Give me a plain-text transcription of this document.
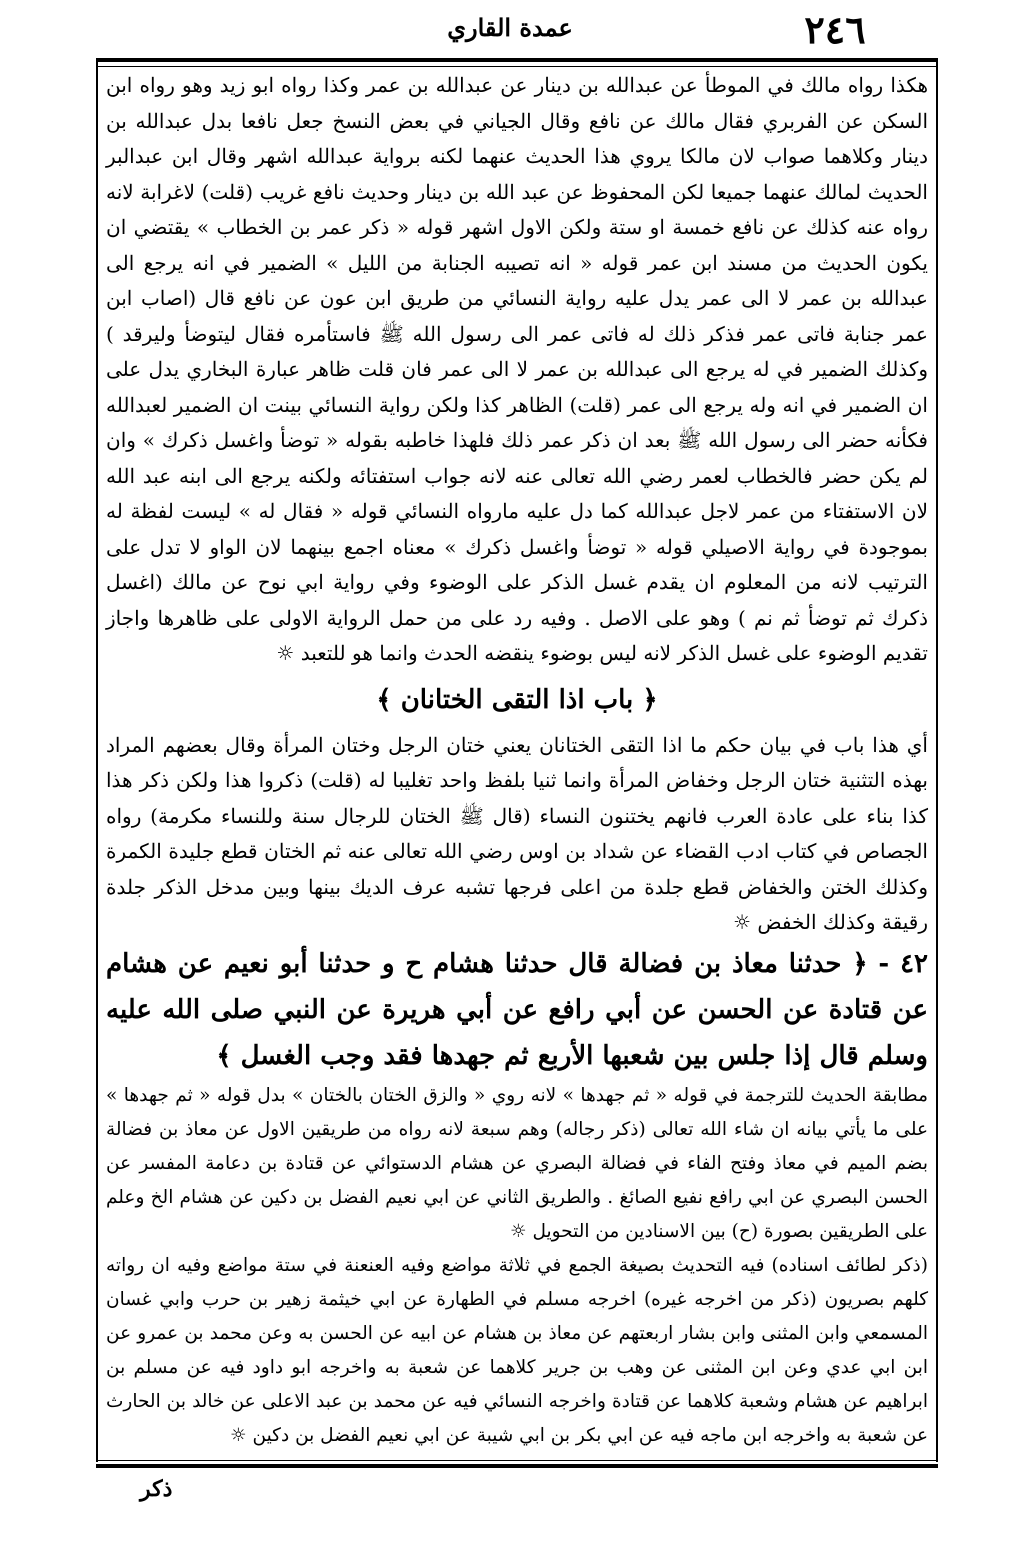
٢٤٦
عمدة القاري

هكذا رواه مالك في الموطأ عن عبدالله بن دينار عن عبدالله بن عمر وكذا رواه ابو زيد وهو رواه ابن السكن عن الفربري فقال مالك عن نافع وقال الجياني في بعض النسخ جعل نافعا بدل عبدالله بن دينار وكلاهما صواب لان مالكا يروي هذا الحديث عنهما لكنه برواية عبدالله اشهر وقال ابن عبدالبر الحديث لمالك عنهما جميعا لكن المحفوظ عن عبد الله بن دينار وحديث نافع غريب (قلت) لاغرابة لانه رواه عنه كذلك عن نافع خمسة او ستة ولكن الاول اشهر قوله « ذكر عمر بن الخطاب » يقتضي ان يكون الحديث من مسند ابن عمر قوله « انه تصيبه الجنابة من الليل » الضمير في انه يرجع الى عبدالله بن عمر لا الى عمر يدل عليه رواية النسائي من طريق ابن عون عن نافع قال (اصاب ابن عمر جنابة فاتى عمر فذكر ذلك له فاتى عمر الى رسول الله ﷺ فاستأمره فقال ليتوضأ وليرقد ) وكذلك الضمير في له يرجع الى عبدالله بن عمر لا الى عمر فان قلت ظاهر عبارة البخاري يدل على ان الضمير في انه وله يرجع الى عمر (قلت) الظاهر كذا ولكن رواية النسائي بينت ان الضمير لعبدالله فكأنه حضر الى رسول الله ﷺ بعد ان ذكر عمر ذلك فلهذا خاطبه بقوله « توضأ واغسل ذكرك » وان لم يكن حضر فالخطاب لعمر رضي الله تعالى عنه لانه جواب استفتائه ولكنه يرجع الى ابنه عبد الله لان الاستفتاء من عمر لاجل عبدالله كما دل عليه مارواه النسائي قوله « فقال له » ليست لفظة له بموجودة في رواية الاصيلي قوله « توضأ واغسل ذكرك » معناه اجمع بينهما لان الواو لا تدل على الترتيب لانه من المعلوم ان يقدم غسل الذكر على الوضوء وفي رواية ابي نوح عن مالك (اغسل ذكرك ثم توضأ ثم نم ) وهو على الاصل . وفيه رد على من حمل الرواية الاولى على ظاهرها واجاز تقديم الوضوء على غسل الذكر لانه ليس بوضوء ينقضه الحدث وانما هو للتعبد ☼

﴿ باب اذا التقى الختانان ﴾

أي هذا باب في بيان حكم ما اذا التقى الختانان يعني ختان الرجل وختان المرأة وقال بعضهم المراد بهذه التثنية ختان الرجل وخفاض المرأة وانما ثنيا بلفظ واحد تغليبا له (قلت) ذكروا هذا ولكن ذكر هذا كذا بناء على عادة العرب فانهم يختنون النساء (قال ﷺ الختان للرجال سنة وللنساء مكرمة) رواه الجصاص في كتاب ادب القضاء عن شداد بن اوس رضي الله تعالى عنه ثم الختان قطع جليدة الكمرة وكذلك الختن والخفاض قطع جلدة من اعلى فرجها تشبه عرف الديك بينها وبين مدخل الذكر جلدة رقيقة وكذلك الخفض ☼

٤٢ - ﴿ حدثنا معاذ بن فضالة قال حدثنا هشام ح و حدثنا أبو نعيم عن هشام عن قتادة عن الحسن عن أبي رافع عن أبي هريرة عن النبي صلى الله عليه وسلم قال إذا جلس بين شعبها الأربع ثم جهدها فقد وجب الغسل ﴾

مطابقة الحديث للترجمة في قوله « ثم جهدها » لانه روي « والزق الختان بالختان » بدل قوله « ثم جهدها » على ما يأتي بيانه ان شاء الله تعالى (ذكر رجاله) وهم سبعة لانه رواه من طريقين الاول عن معاذ بن فضالة بضم الميم في معاذ وفتح الفاء في فضالة البصري عن هشام الدستوائي عن قتادة بن دعامة المفسر عن الحسن البصري عن ابي رافع نفيع الصائغ . والطريق الثاني عن ابي نعيم الفضل بن دكين عن هشام الخ وعلم على الطريقين بصورة (ح) بين الاسنادين من التحويل ☼

(ذكر لطائف اسناده) فيه التحديث بصيغة الجمع في ثلاثة مواضع وفيه العنعنة في ستة مواضع وفيه ان رواته كلهم بصريون (ذكر من اخرجه غيره) اخرجه مسلم في الطهارة عن ابي خيثمة زهير بن حرب وابي غسان المسمعي وابن المثنى وابن بشار اربعتهم عن معاذ بن هشام عن ابيه عن الحسن به وعن محمد بن عمرو عن ابن ابي عدي وعن ابن المثنى عن وهب بن جرير كلاهما عن شعبة به واخرجه ابو داود فيه عن مسلم بن ابراهيم عن هشام وشعبة كلاهما عن قتادة واخرجه النسائي فيه عن محمد بن عبد الاعلى عن خالد بن الحارث عن شعبة به واخرجه ابن ماجه فيه عن ابي بكر بن ابي شيبة عن ابي نعيم الفضل بن دكين ☼

ذكر
